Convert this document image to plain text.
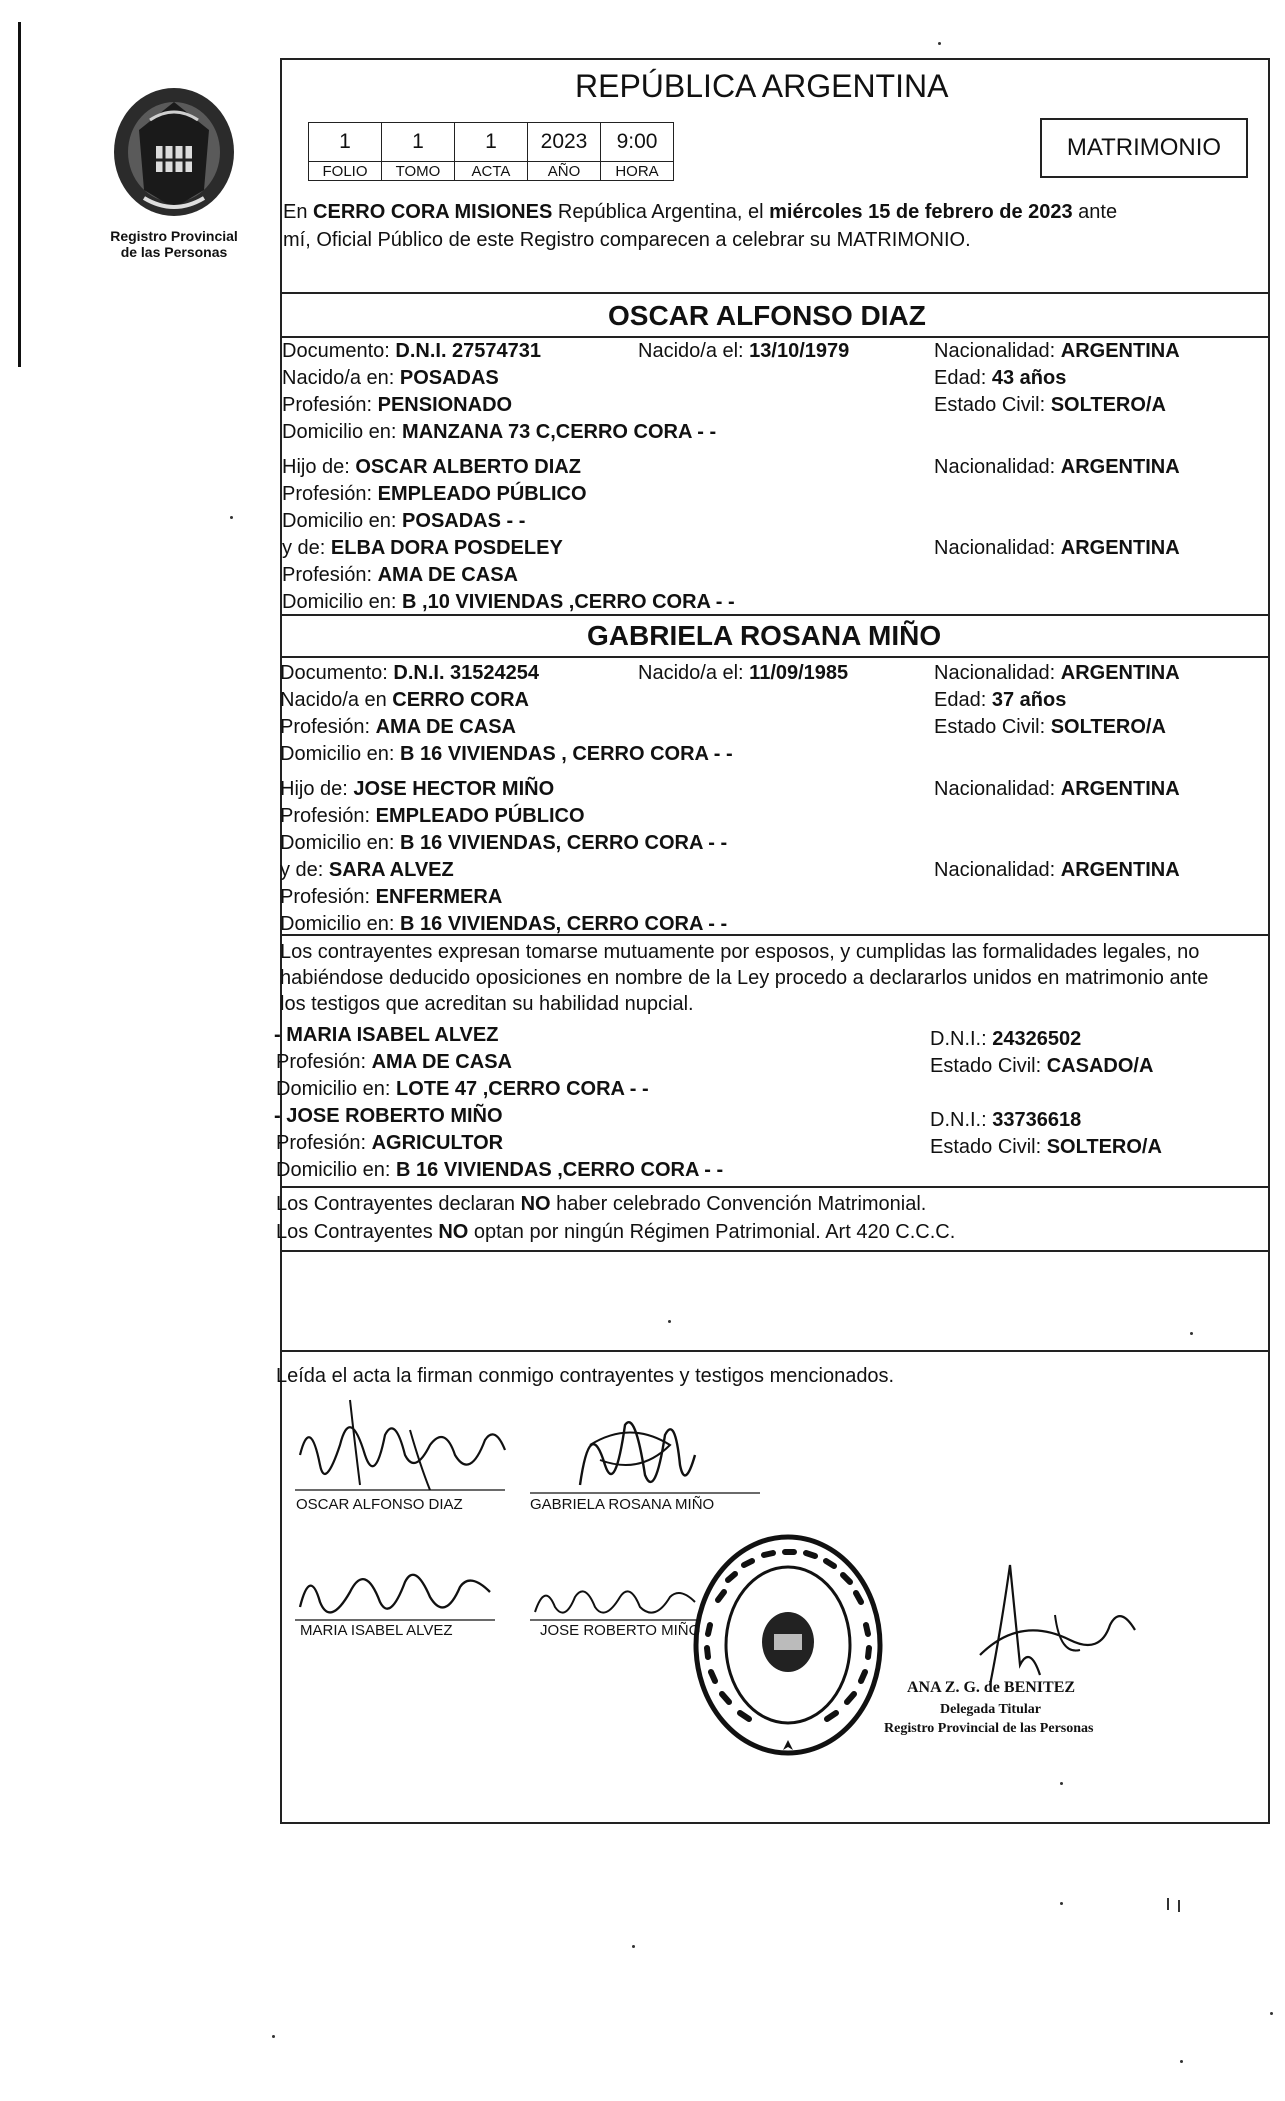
Registro Provincial
de las Personas
REPÚBLICA ARGENTINA
1	1	1	2023	9:00
FOLIO	TOMO	ACTA	AÑO	HORA
MATRIMONIO
En CERRO CORA MISIONES República Argentina, el miércoles 15 de febrero de 2023 ante
mí, Oficial Público de este Registro comparecen a celebrar su MATRIMONIO.
OSCAR ALFONSO DIAZ
Documento: D.N.I. 27574731	Nacido/a el: 13/10/1979	Nacionalidad: ARGENTINA
Nacido/a en: POSADAS	Edad: 43 años
Profesión: PENSIONADO	Estado Civil: SOLTERO/A
Domicilio en: MANZANA 73 C,CERRO CORA - -
Hijo de: OSCAR ALBERTO DIAZ	Nacionalidad: ARGENTINA
Profesión: EMPLEADO PÚBLICO
Domicilio en: POSADAS - -
y de: ELBA DORA POSDELEY	Nacionalidad: ARGENTINA
Profesión: AMA DE CASA
Domicilio en: B ,10 VIVIENDAS ,CERRO CORA - -
GABRIELA ROSANA MIÑO
Documento: D.N.I. 31524254	Nacido/a el: 11/09/1985	Nacionalidad: ARGENTINA
Nacido/a en CERRO CORA	Edad: 37 años
Profesión: AMA DE CASA	Estado Civil: SOLTERO/A
Domicilio en: B 16 VIVIENDAS , CERRO CORA - -
Hijo de: JOSE HECTOR MIÑO	Nacionalidad: ARGENTINA
Profesión: EMPLEADO PÚBLICO
Domicilio en: B 16 VIVIENDAS, CERRO CORA - -
y de: SARA ALVEZ	Nacionalidad: ARGENTINA
Profesión: ENFERMERA
Domicilio en: B 16 VIVIENDAS, CERRO CORA - -
Los contrayentes expresan tomarse mutuamente por esposos, y cumplidas las formalidades legales, no
habiéndose deducido oposiciones en nombre de la Ley procedo a declararlos unidos en matrimonio ante
los testigos que acreditan su habilidad nupcial.
- MARIA ISABEL ALVEZ	D.N.I.: 24326502
Profesión: AMA DE CASA	Estado Civil: CASADO/A
Domicilio en: LOTE 47 ,CERRO CORA - -
- JOSE ROBERTO MIÑO	D.N.I.: 33736618
Profesión: AGRICULTOR	Estado Civil: SOLTERO/A
Domicilio en: B 16 VIVIENDAS ,CERRO CORA - -
Los Contrayentes declaran NO haber celebrado Convención Matrimonial.
Los Contrayentes NO optan por ningún Régimen Patrimonial. Art 420 C.C.C.
Leída el acta la firman conmigo contrayentes y testigos mencionados.
OSCAR ALFONSO DIAZ	GABRIELA ROSANA MIÑO
MARIA ISABEL ALVEZ	JOSE ROBERTO MIÑO
ANA Z. G. de BENITEZ
Delegada Titular
Registro Provincial de las Personas
